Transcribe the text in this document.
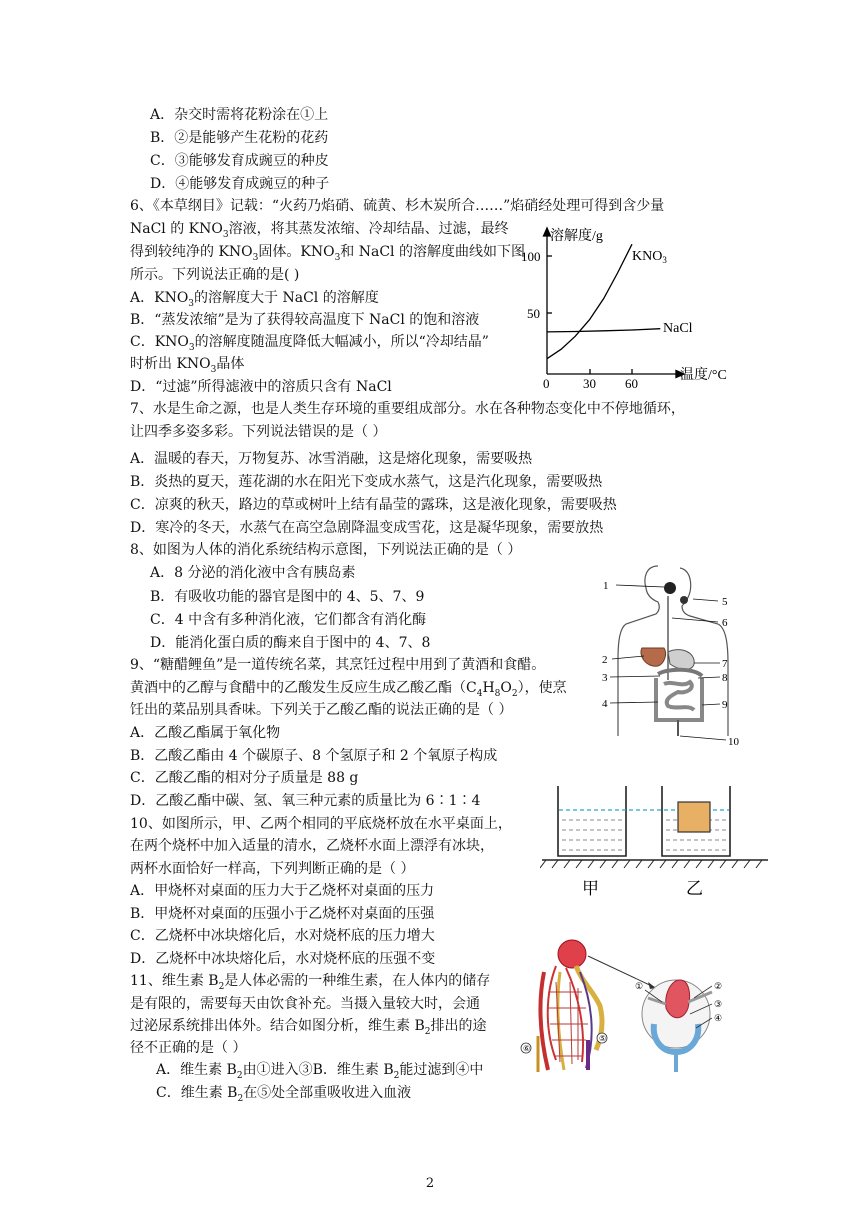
A．杂交时需将花粉涂在①上
B．②是能够产生花粉的花药
C．③能够发育成豌豆的种皮
D．④能够发育成豌豆的种子
6、《本草纲目》记载：“火药乃焰硝、硫黄、杉木炭所合……”焰硝经处理可得到含少量
NaCl 的 $KNO_3$溶液，将其蒸发浓缩、冷却结晶、过滤，最终
得到较纯净的 $KNO_3$固体。$KNO_3$和 NaCl 的溶解度曲线如下图
所示。下列说法正确的是( )
A．$KNO_3$的溶解度大于 NaCl 的溶解度
B．“蒸发浓缩”是为了获得较高温度下 NaCl 的饱和溶液
C．$KNO_3$的溶解度随温度降低大幅减小，所以“冷却结晶”
时析出 $KNO_3$晶体
D．“过滤”所得滤液中的溶质只含有 NaCl
溶解度/g
温度/°C
100
50
0	30 60
$KNO_3$
NaCl
7、水是生命之源，也是人类生存环境的重要组成部分。水在各种物态变化中不停地循环，
让四季多姿多彩。下列说法错误的是（ ）
A．温暖的春天，万物复苏、冰雪消融，这是熔化现象，需要吸热
B．炎热的夏天，莲花湖的水在阳光下变成水蒸气，这是汽化现象，需要吸热
C．凉爽的秋天，路边的草或树叶上结有晶莹的露珠，这是液化现象，需要吸热
D．寒冷的冬天，水蒸气在高空急剧降温变成雪花，这是凝华现象，需要放热
8、如图为人体的消化系统结构示意图，下列说法正确的是（ ）
A．8 分泌的消化液中含有胰岛素
B．有吸收功能的器官是图中的 4、5、7、9
C．4 中含有多种消化液，它们都含有消化酶
D．能消化蛋白质的酶来自于图中的 4、7、8
1
2
3
4
5
6
7
8
9
10
9、“糖醋鲤鱼”是一道传统名菜，其烹饪过程中用到了黄酒和食醋。
黄酒中的乙醇与食醋中的乙酸发生反应生成乙酸乙酯$(C_4H_8O_2)$，使烹
饪出的菜品别具香味。下列关于乙酸乙酯的说法正确的是（ ）
A．乙酸乙酯属于氧化物
B．乙酸乙酯由 4 个碳原子、8 个氢原子和 2 个氧原子构成
C．乙酸乙酯的相对分子质量是 88 g
D．乙酸乙酯中碳、氢、氧三种元素的质量比为 6∶1∶4
10、如图所示，甲、乙两个相同的平底烧杯放在水平桌面上，
在两个烧杯中加入适量的清水，乙烧杯水面上漂浮有冰块，
两杯水面恰好一样高，下列判断正确的是（ ）
A．甲烧杯对桌面的压力大于乙烧杯对桌面的压力
B．甲烧杯对桌面的压强小于乙烧杯对桌面的压强
C．乙烧杯中冰块熔化后，水对烧杯底的压力增大
D．乙烧杯中冰块熔化后，水对烧杯底的压强不变
甲	乙
11、维生素 $B_2$是人体必需的一种维生素，在人体内的储存
是有限的，需要每天由饮食补充。当摄入量较大时，会通
过泌尿系统排出体外。结合如图分析，维生素 $B_2$排出的途
径不正确的是（ ）
A．维生素 $B_2$由①进入③B．维生素 $B_2$能过滤到④中
C．维生素 $B_2$在⑤处全部重吸收进入血液
⑤
⑥
①	②
③
④
2
